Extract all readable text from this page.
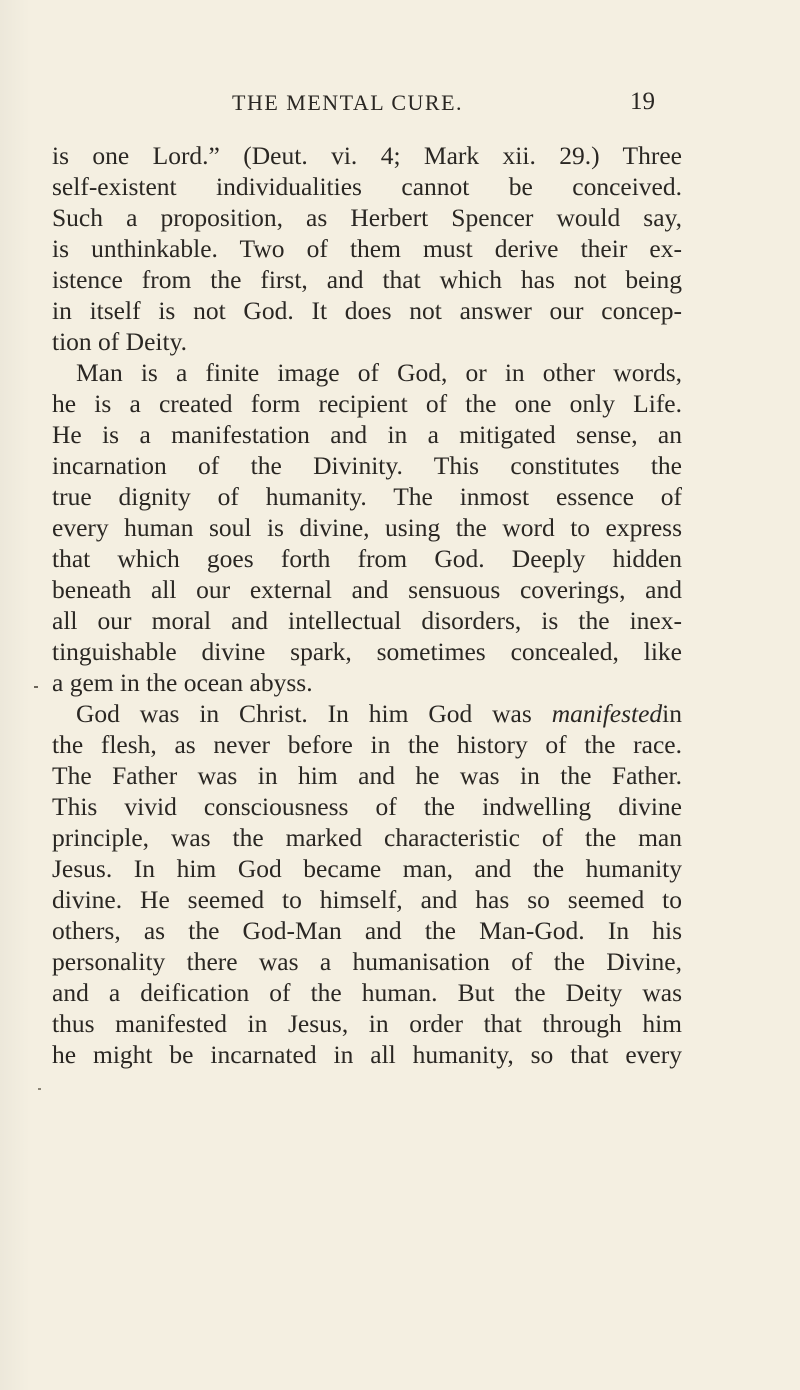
THE MENTAL CURE.	19
is one Lord.” (Deut. vi. 4; Mark xii. 29.) Three
self-existent individualities cannot be conceived.
Such a proposition, as Herbert Spencer would say,
is unthinkable. Two of them must derive their ex-
istence from the first, and that which has not being
in itself is not God. It does not answer our concep-
tion of Deity.
Man is a finite image of God, or in other words,
he is a created form recipient of the one only Life.
He is a manifestation and in a mitigated sense, an
incarnation of the Divinity. This constitutes the
true dignity of humanity. The inmost essence of
every human soul is divine, using the word to express
that which goes forth from God. Deeply hidden
beneath all our external and sensuous coverings, and
all our moral and intellectual disorders, is the inex-
tinguishable divine spark, sometimes concealed, like
a gem in the ocean abyss.
God was in Christ. In him God was manifestedin
the flesh, as never before in the history of the race.
The Father was in him and he was in the Father.
This vivid consciousness of the indwelling divine
principle, was the marked characteristic of the man
Jesus. In him God became man, and the humanity
divine. He seemed to himself, and has so seemed to
others, as the God-Man and the Man-God. In his
personality there was a humanisation of the Divine,
and a deification of the human. But the Deity was
thus manifested in Jesus, in order that through him
he might be incarnated in all humanity, so that every
